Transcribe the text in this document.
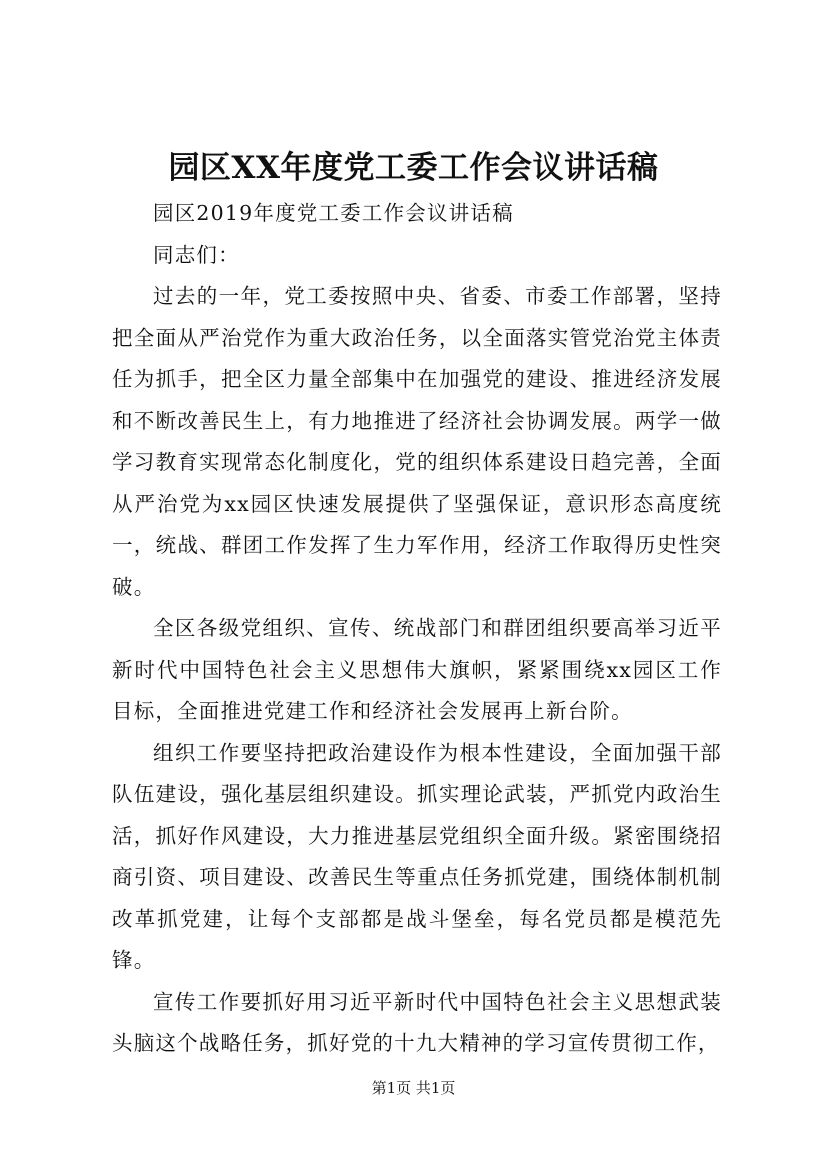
园区XX年度党工委工作会议讲话稿

园区2019年度党工委工作会议讲话稿

同志们：

过去的一年，党工委按照中央、省委、市委工作部署，坚持把全面从严治党作为重大政治任务，以全面落实管党治党主体责任为抓手，把全区力量全部集中在加强党的建设、推进经济发展和不断改善民生上，有力地推进了经济社会协调发展。两学一做学习教育实现常态化制度化，党的组织体系建设日趋完善，全面从严治党为xx园区快速发展提供了坚强保证，意识形态高度统一，统战、群团工作发挥了生力军作用，经济工作取得历史性突破。

全区各级党组织、宣传、统战部门和群团组织要高举习近平新时代中国特色社会主义思想伟大旗帜，紧紧围绕xx园区工作目标，全面推进党建工作和经济社会发展再上新台阶。

组织工作要坚持把政治建设作为根本性建设，全面加强干部队伍建设，强化基层组织建设。抓实理论武装，严抓党内政治生活，抓好作风建设，大力推进基层党组织全面升级。紧密围绕招商引资、项目建设、改善民生等重点任务抓党建，围绕体制机制改革抓党建，让每个支部都是战斗堡垒，每名党员都是模范先锋。

宣传工作要抓好用习近平新时代中国特色社会主义思想武装头脑这个战略任务，抓好党的十九大精神的学习宣传贯彻工作，

第1页 共1页
